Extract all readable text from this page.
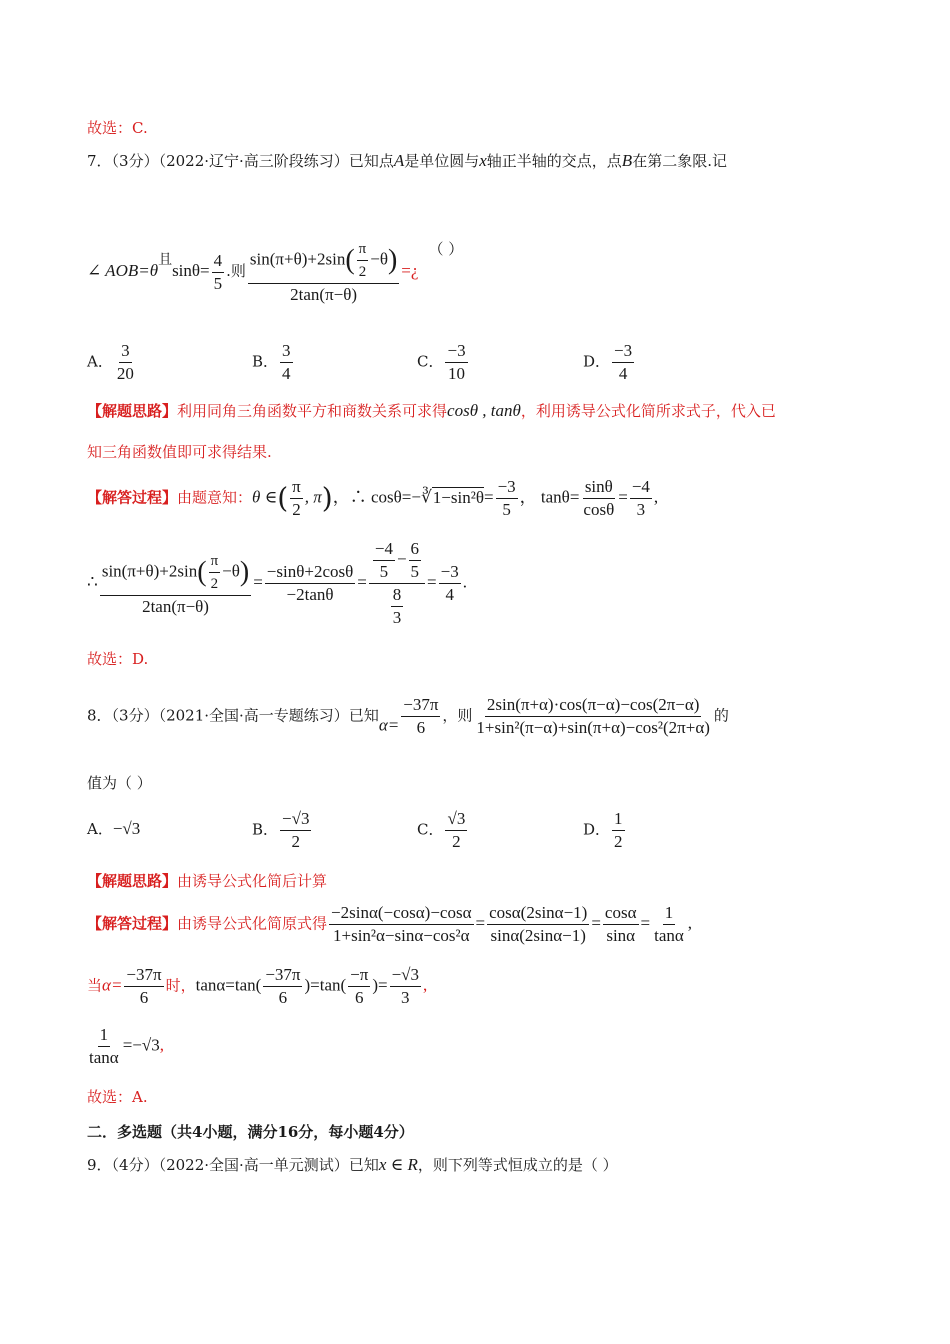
故选：C.
7．（3分）（2022·辽宁·高三阶段练习）已知点A是单位圆与x轴正半轴的交点，点B在第二象限.记
∠ AOB=θ且$\sin\theta= \frac{4}{5}$ .则 $\frac{\sin(\pi+\theta)+2\sin( \frac{\pi}{2} -\theta)}{2\tan(\pi-\theta)}$ =¿（ ）
A． $\frac{3}{20}$	B． $\frac{3}{4}$	C． $\frac{-3}{10}$	D． $\frac{-3}{4}$
【解题思路】利用同角三角函数平方和商数关系可求得cosθ , tanθ，利用诱导公式化简所求式子，代入已
知三角函数值即可求得结果.
【解答过程】由题意知：θ ∈( $\frac{\pi}{2}$ , π)，∴ cosθ=−∛1−sin²θ= $\frac{-3}{5}$ ， $\tan\theta= \frac{\sin\theta}{\cos\theta} = \frac{-4}{3}$ ,
∴ $\frac{\sin(\pi+\theta)+2\sin( \frac{\pi}{2} -\theta)}{2\tan(\pi-\theta)} = \frac{-\sin\theta+2\cos\theta}{-2\tan\theta} = \frac{\frac{-4}{5} - \frac{6}{5}}{\frac{8}{3}} = \frac{-3}{4}$ .
故选：D.
8．（3分）（2021·全国·高一专题练习）已知$\alpha= \frac{-37\pi}{6}$ ，则 $\frac{2\sin(\pi+\alpha)\cdot\cos(\pi-\alpha)-\cos(2\pi-\alpha)}{\text{1+sin²(π−α)+sin(π+α)−cos²(2π+α)}}$ 的
值为（ ）
A．−√3	B． $\frac{-√3}{2}$	C． $\frac{√3}{2}$	D． $\frac{1}{2}$
【解题思路】由诱导公式化简后计算
【解答过程】由诱导公式化简原式得 $\frac{-2\sin\alpha(-\cos\alpha)-\cos\alpha}{\text{1+sin²α−sinα−cos²α}} = \frac{\cos\alpha(2\sin\alpha-1)}{\sin\alpha(2\sin\alpha-1)} = \frac{\cos\alpha}{\sin\alpha} = \frac{1}{\tan\alpha}$ ,
当$\alpha= \frac{-37\pi}{6}$ 时，$\tan\alpha=\tan( \frac{-37\pi}{6} )=\tan( \frac{-\pi}{6}$ )= $\frac{-√3}{3}$ ,
$\frac{1}{\tan\alpha} =-√3$,
故选：A.
二．多选题（共4小题，满分16分，每小题4分）
9．（4分）（2022·全国·高一单元测试）已知x ∈ R，则下列等式恒成立的是（ ）
